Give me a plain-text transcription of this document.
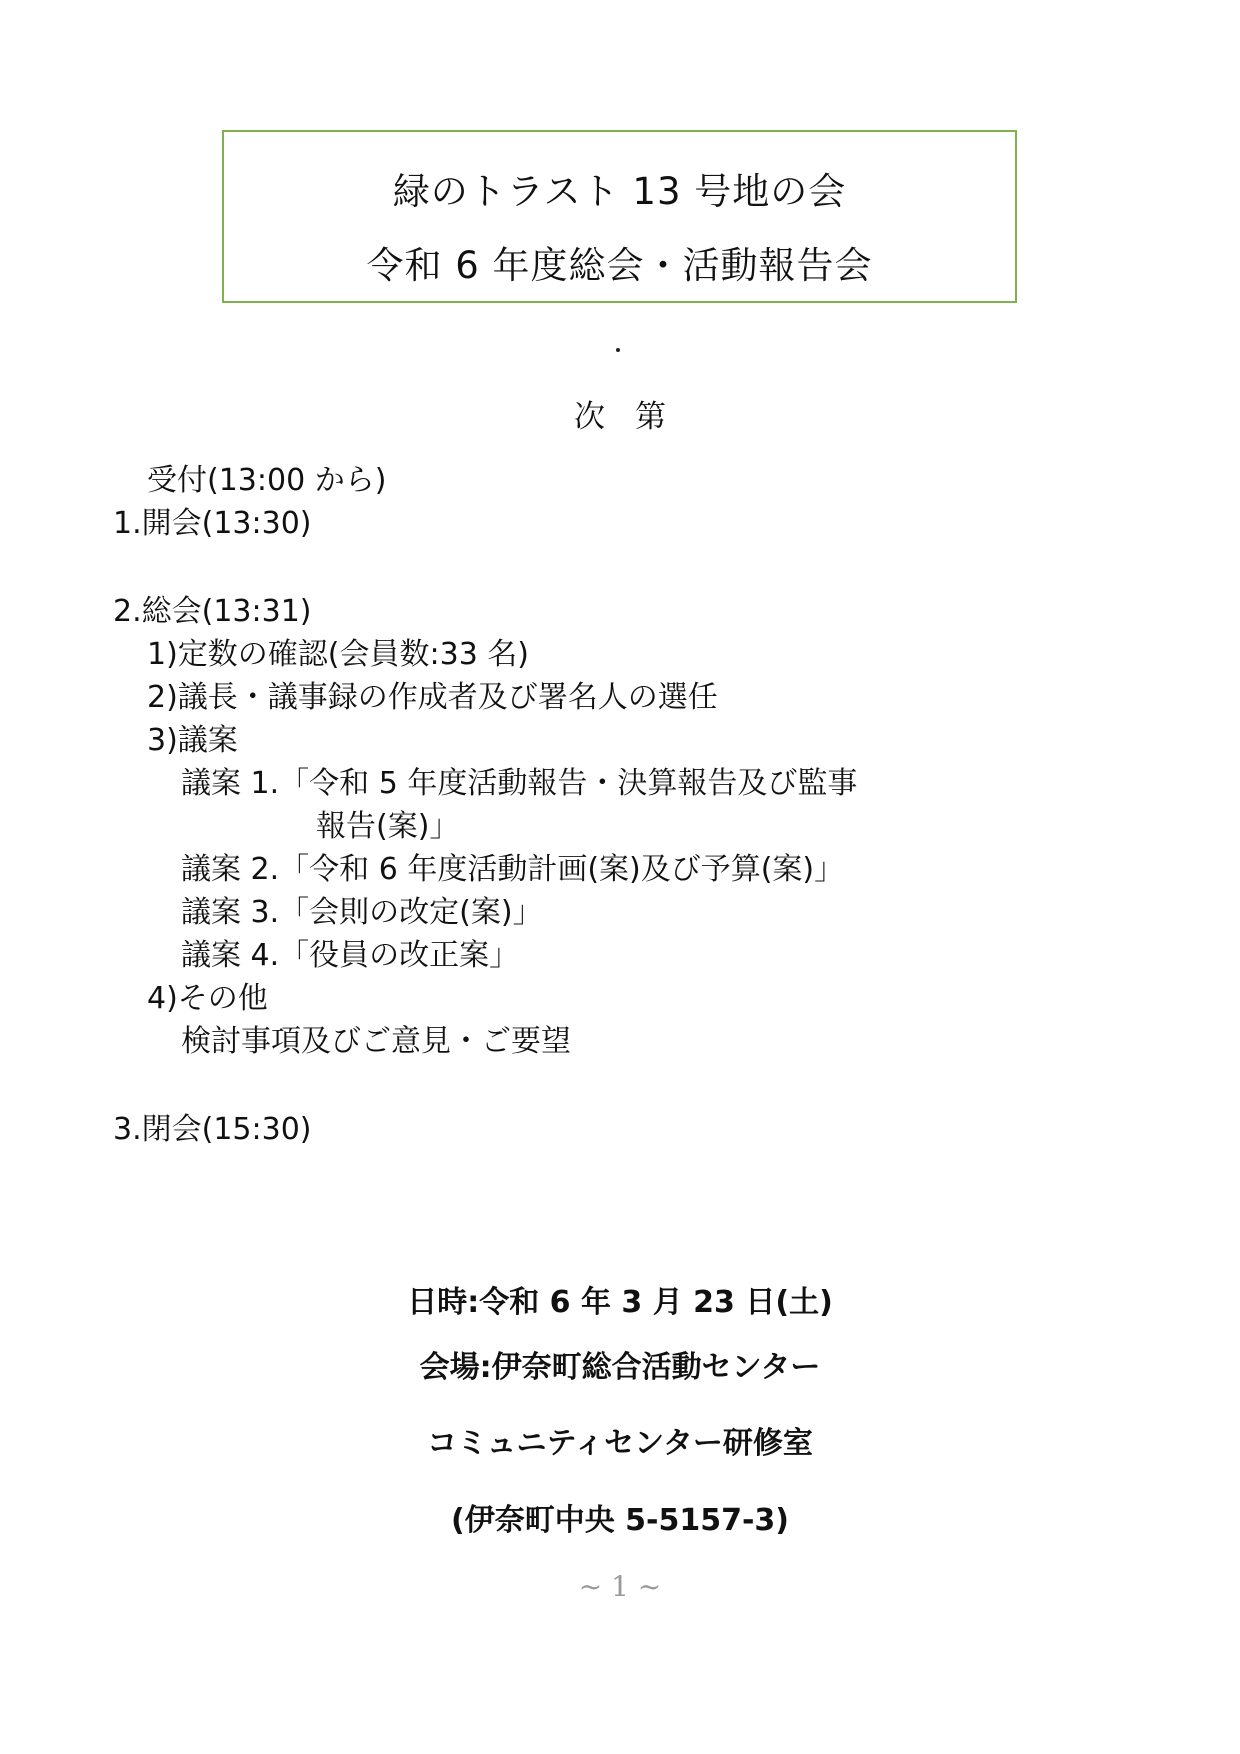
緑のトラスト 13 号地の会
令和 6 年度総会・活動報告会
次第
受付(13:00 から)
1.開会(13:30)
2.総会(13:31)
1)定数の確認(会員数:33 名)
2)議長・議事録の作成者及び署名人の選任
3)議案
議案 1.「令和 5 年度活動報告・決算報告及び監事
報告(案)」
議案 2.「令和 6 年度活動計画(案)及び予算(案)」
議案 3.「会則の改定(案)」
議案 4.「役員の改正案」
4)その他
検討事項及びご意見・ご要望
3.閉会(15:30)
日時:令和 6 年 3 月 23 日(土)
会場:伊奈町総合活動センター
コミュニティセンター研修室
(伊奈町中央 5-5157-3)
~ 1 ~
